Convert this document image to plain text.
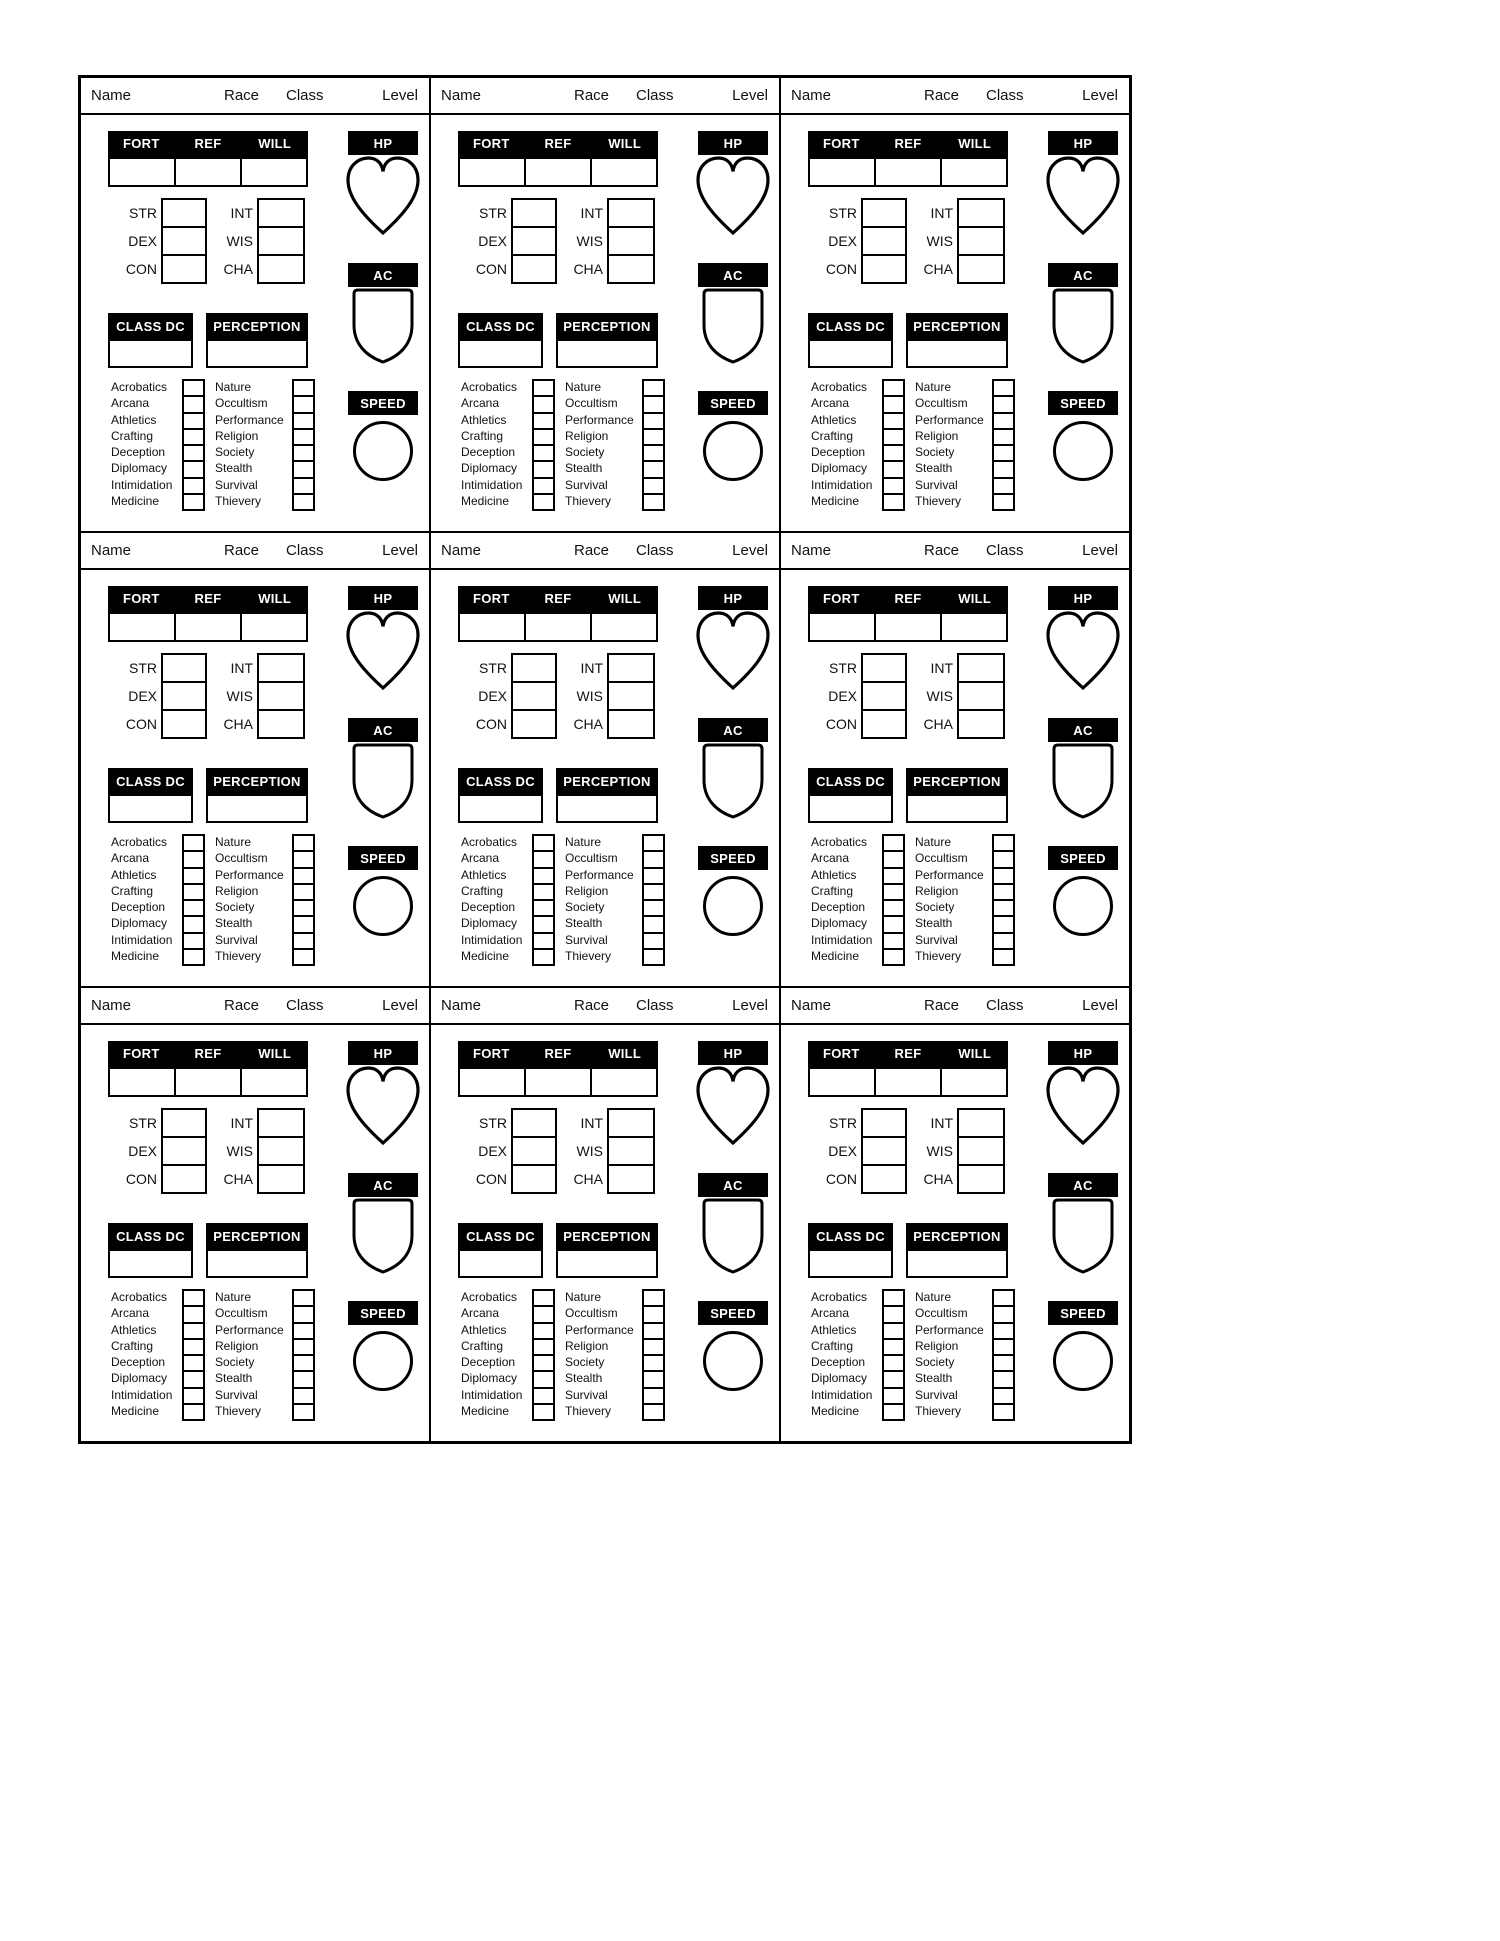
Name	Race Class	Level
FORT	REF	WILL	HP
STR	INT
DEX	WIS
CON	CHA	AC
CLASS DC	PERCEPTION
Acrobatics
Arcana
Athletics
Crafting
Deception
Diplomacy
Intimidation
Medicine
Nature
Occultism
Performance
Religion
Society
Stealth
Survival
Thievery
SPEED
Name	Race Class	Level
FORT	REF	WILL	HP
STR	INT
DEX	WIS
CON	CHA	AC
CLASS DC	PERCEPTION
Acrobatics
Arcana
Athletics
Crafting
Deception
Diplomacy
Intimidation
Medicine
Nature
Occultism
Performance
Religion
Society
Stealth
Survival
Thievery
SPEED
Name	Race Class	Level
FORT	REF	WILL	HP
STR	INT
DEX	WIS
CON	CHA	AC
CLASS DC	PERCEPTION
Acrobatics
Arcana
Athletics
Crafting
Deception
Diplomacy
Intimidation
Medicine
Nature
Occultism
Performance
Religion
Society
Stealth
Survival
Thievery
SPEED
Name	Race Class	Level
FORT	REF	WILL	HP
STR	INT
DEX	WIS
CON	CHA	AC
CLASS DC	PERCEPTION
Acrobatics
Arcana
Athletics
Crafting
Deception
Diplomacy
Intimidation
Medicine
Nature
Occultism
Performance
Religion
Society
Stealth
Survival
Thievery
SPEED
Name	Race Class	Level
FORT	REF	WILL	HP
STR	INT
DEX	WIS
CON	CHA	AC
CLASS DC	PERCEPTION
Acrobatics
Arcana
Athletics
Crafting
Deception
Diplomacy
Intimidation
Medicine
Nature
Occultism
Performance
Religion
Society
Stealth
Survival
Thievery
SPEED
Name	Race Class	Level
FORT	REF	WILL	HP
STR	INT
DEX	WIS
CON	CHA	AC
CLASS DC	PERCEPTION
Acrobatics
Arcana
Athletics
Crafting
Deception
Diplomacy
Intimidation
Medicine
Nature
Occultism
Performance
Religion
Society
Stealth
Survival
Thievery
SPEED
Name	Race Class	Level
FORT	REF	WILL	HP
STR	INT
DEX	WIS
CON	CHA	AC
CLASS DC	PERCEPTION
Acrobatics
Arcana
Athletics
Crafting
Deception
Diplomacy
Intimidation
Medicine
Nature
Occultism
Performance
Religion
Society
Stealth
Survival
Thievery
SPEED
Name	Race Class	Level
FORT	REF	WILL	HP
STR	INT
DEX	WIS
CON	CHA	AC
CLASS DC	PERCEPTION
Acrobatics
Arcana
Athletics
Crafting
Deception
Diplomacy
Intimidation
Medicine
Nature
Occultism
Performance
Religion
Society
Stealth
Survival
Thievery
SPEED
Name	Race Class	Level
FORT	REF	WILL	HP
STR	INT
DEX	WIS
CON	CHA	AC
CLASS DC	PERCEPTION
Acrobatics
Arcana
Athletics
Crafting
Deception
Diplomacy
Intimidation
Medicine
Nature
Occultism
Performance
Religion
Society
Stealth
Survival
Thievery
SPEED
